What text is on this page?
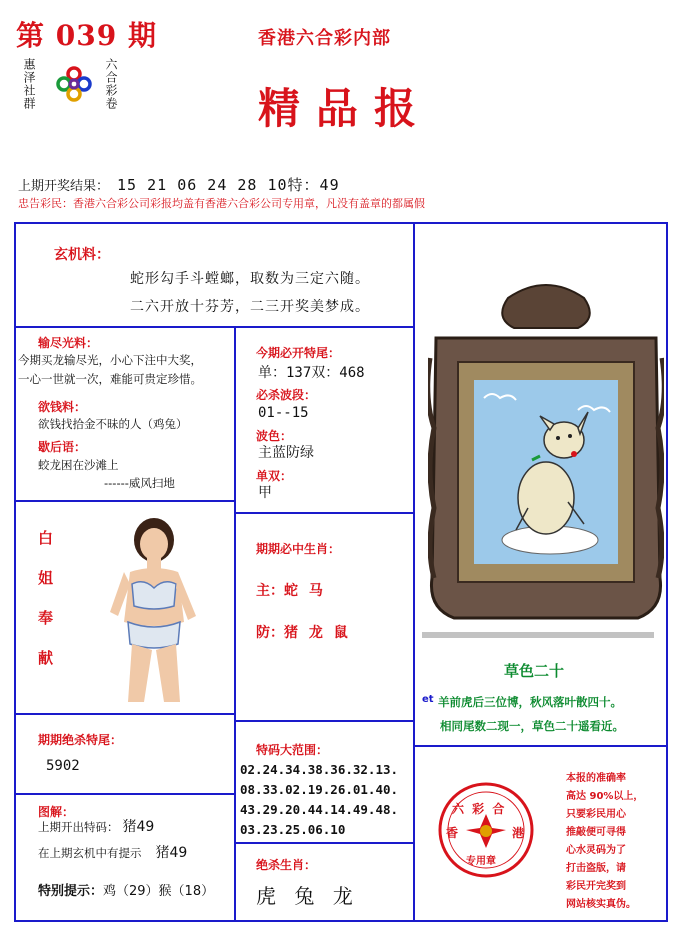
第 039 期
惠泽社群	六合彩卷
香港六合彩内部
精品报
上期开奖结果： 15 21 06 24 28 10特：49
忠告彩民：香港六合彩公司彩报均盖有香港六合彩公司专用章，凡没有盖章的都属假
玄机料：
蛇形勾手斗螳螂，取数为三定六随。
二六开放十芬芳，二三开奖美梦成。
输尽光料：
今期买龙输尽光，小心下注中大奖，
一心一世就一次，难能可贵定珍惜。
欲钱料：
欲钱找拾金不昧的人（鸡兔）
歇后语：
蛟龙困在沙滩上
------威风扫地
今期必开特尾：
单：137双：468
必杀波段：
01--15
波色：
主蓝防绿
单双：
甲
白
姐
奉
献
期期必中生肖：
主：蛇 马
防：猪 龙 鼠
草色二十
et 羊前虎后三位博，秋风落叶散四十。
相同尾数二现一，草色二十遥看近。
期期绝杀特尾：
5902
特码大范围：
02.24.34.38.36.32.13.
08.33.02.19.26.01.40.
43.29.20.44.14.49.48.
03.23.25.06.10
图解：
上期开出特码： 猪49
在上期玄机中有提示 猪49
特别提示：鸡（29）猴（18）
绝杀生肖：
虎 兔 龙
六 彩 合
香	港
专用章
本报的准确率
高达 90%以上，
只要彩民用心
推敲便可寻得
心水灵码为了
打击盗版，请
彩民开完奖到
网站核实真伪。
